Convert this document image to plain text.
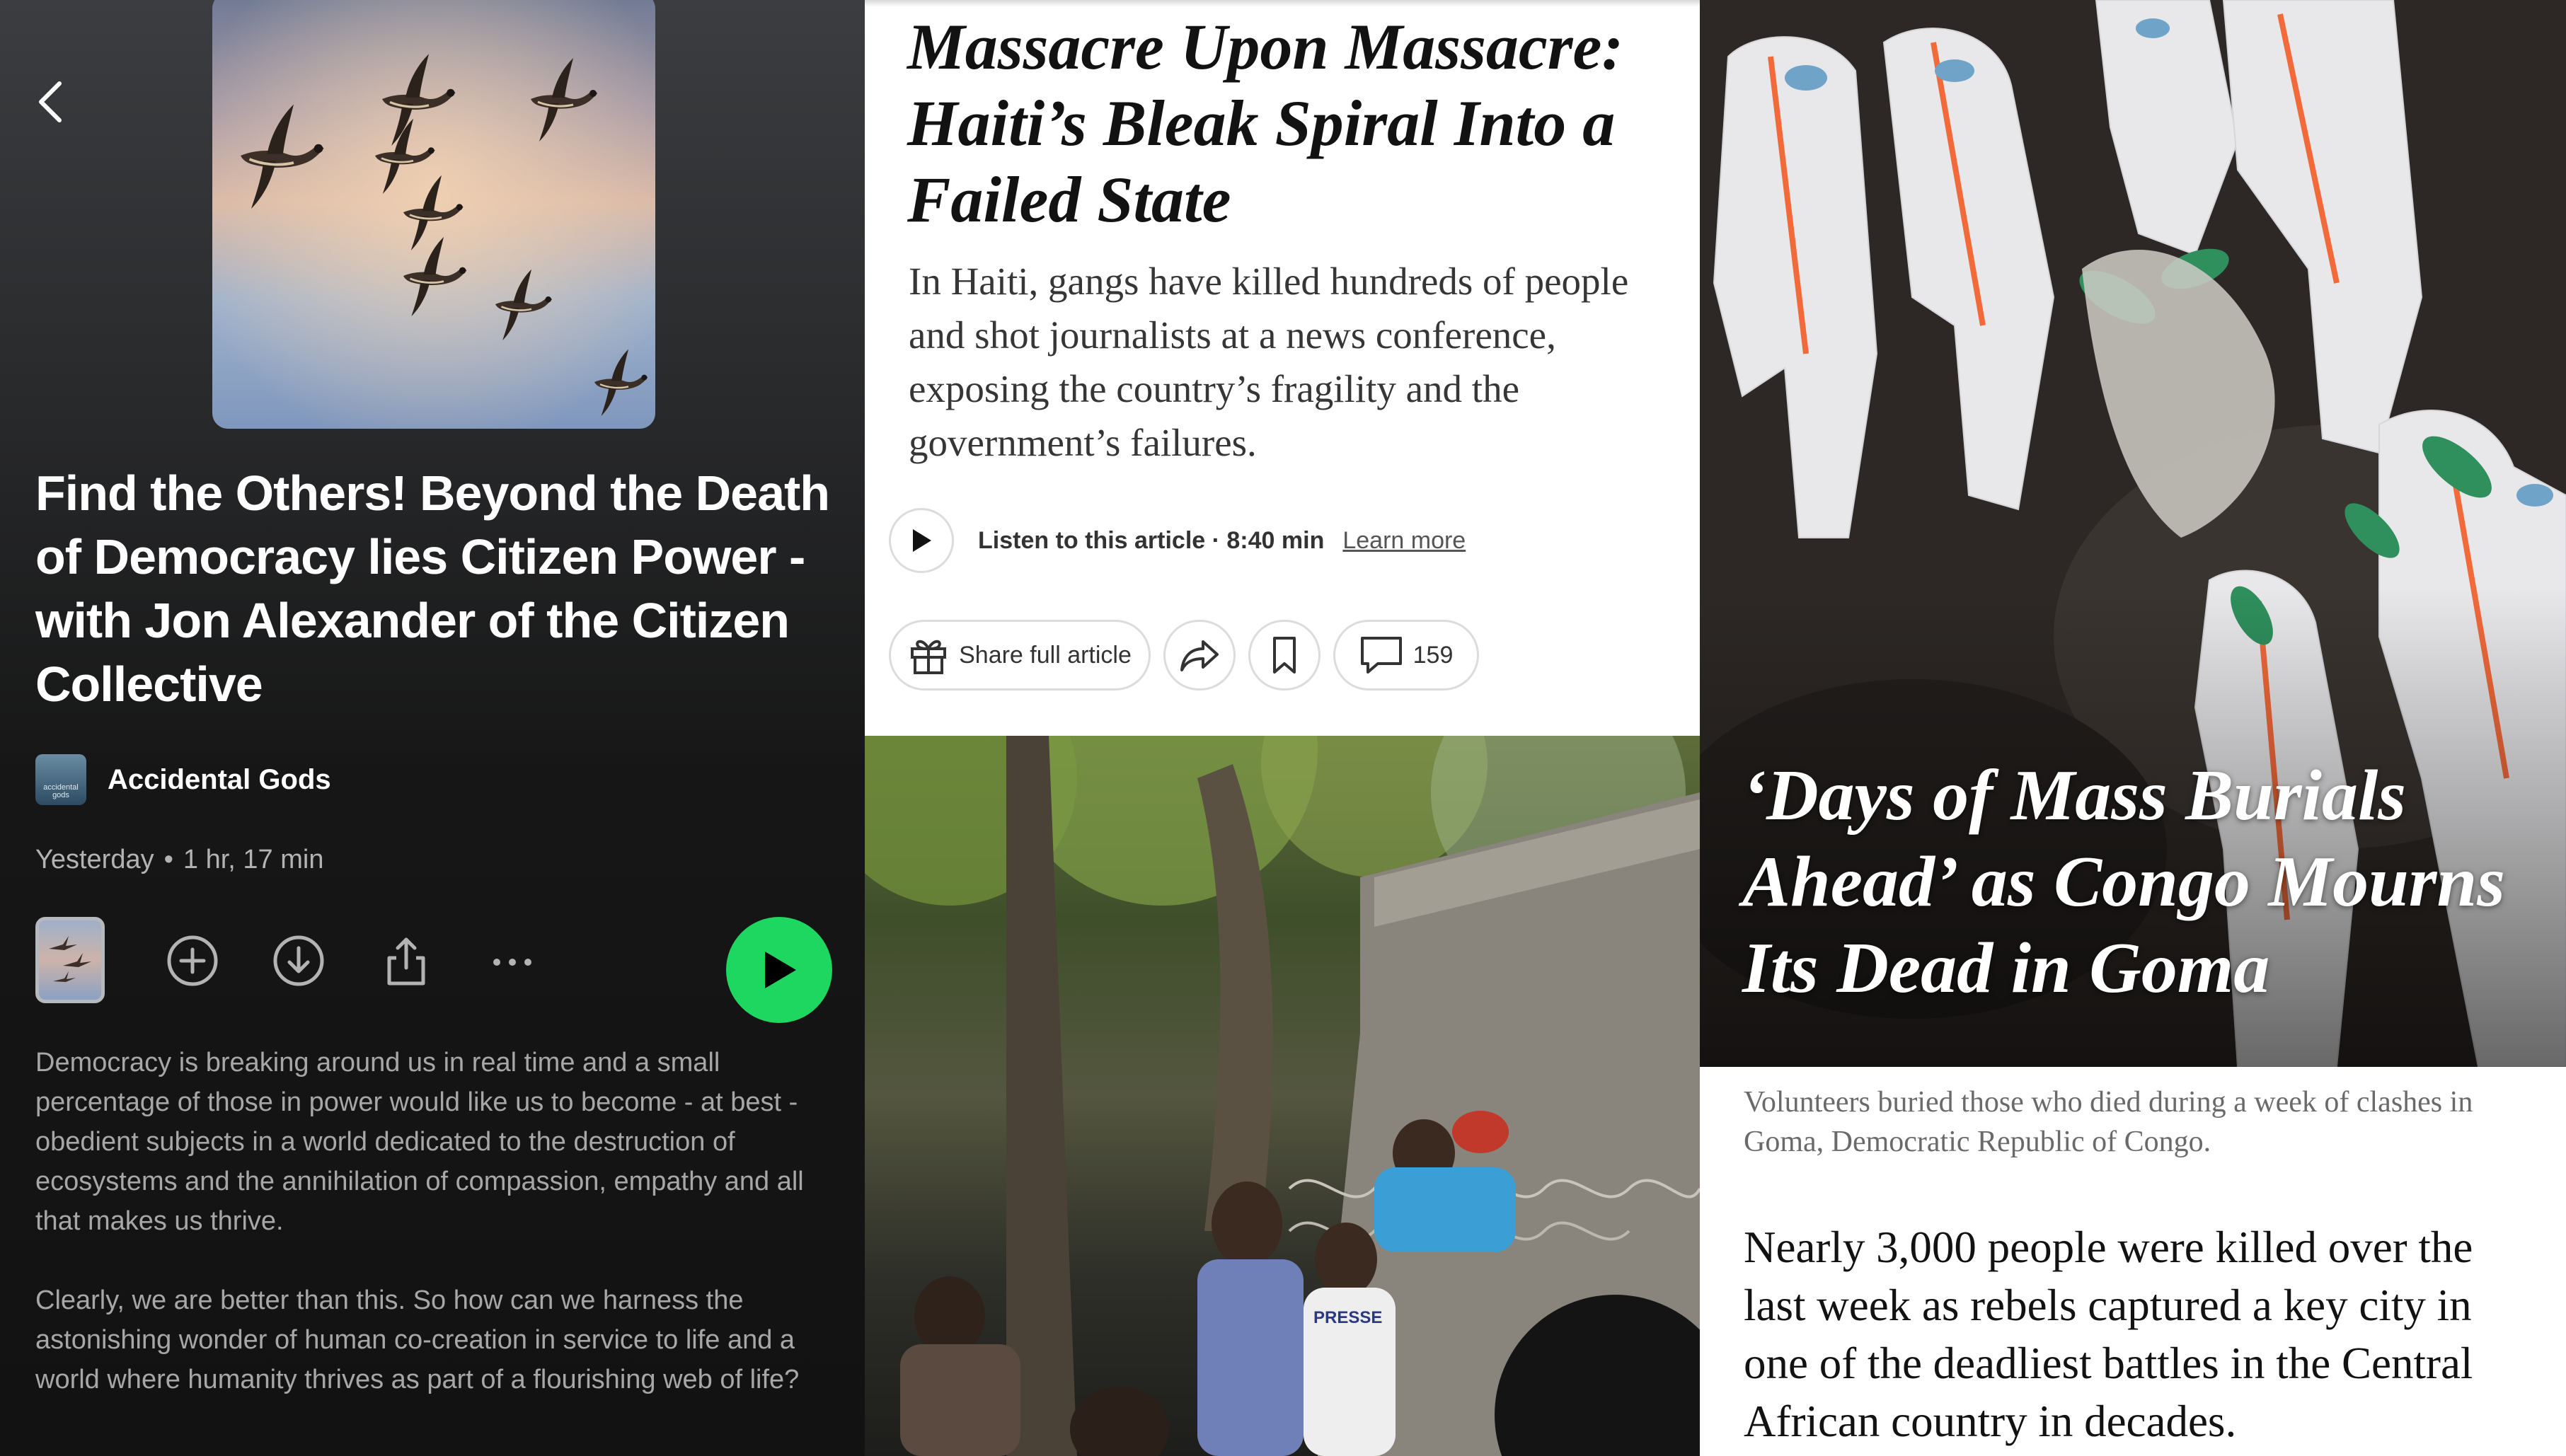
Find the Others! Beyond the Death of Democracy lies Citizen Power - with Jon Alexander of the Citizen Collective
accidental gods
Accidental Gods
Yesterday • 1 hr, 17 min
Democracy is breaking around us in real time and a small percentage of those in power would like us to become - at best - obedient subjects in a world dedicated to the destruction of ecosystems and the annihilation of compassion, empathy and all that makes us thrive.
Clearly, we are better than this. So how can we harness the astonishing wonder of human co-creation in service to life and a world where humanity thrives as part of a flourishing web of life?
Massacre Upon Massacre: Haiti’s Bleak Spiral Into a Failed State
In Haiti, gangs have killed hundreds of people and shot journalists at a news conference, exposing the country’s fragility and the government’s failures.
Listen to this article · 8:40 min Learn more
Share full article	159
PRESSE
‘Days of Mass Burials Ahead’ as Congo Mourns Its Dead in Goma
Volunteers buried those who died during a week of clashes in Goma, Democratic Republic of Congo.
Nearly 3,000 people were killed over the last week as rebels captured a key city in one of the deadliest battles in the Central African country in decades.
